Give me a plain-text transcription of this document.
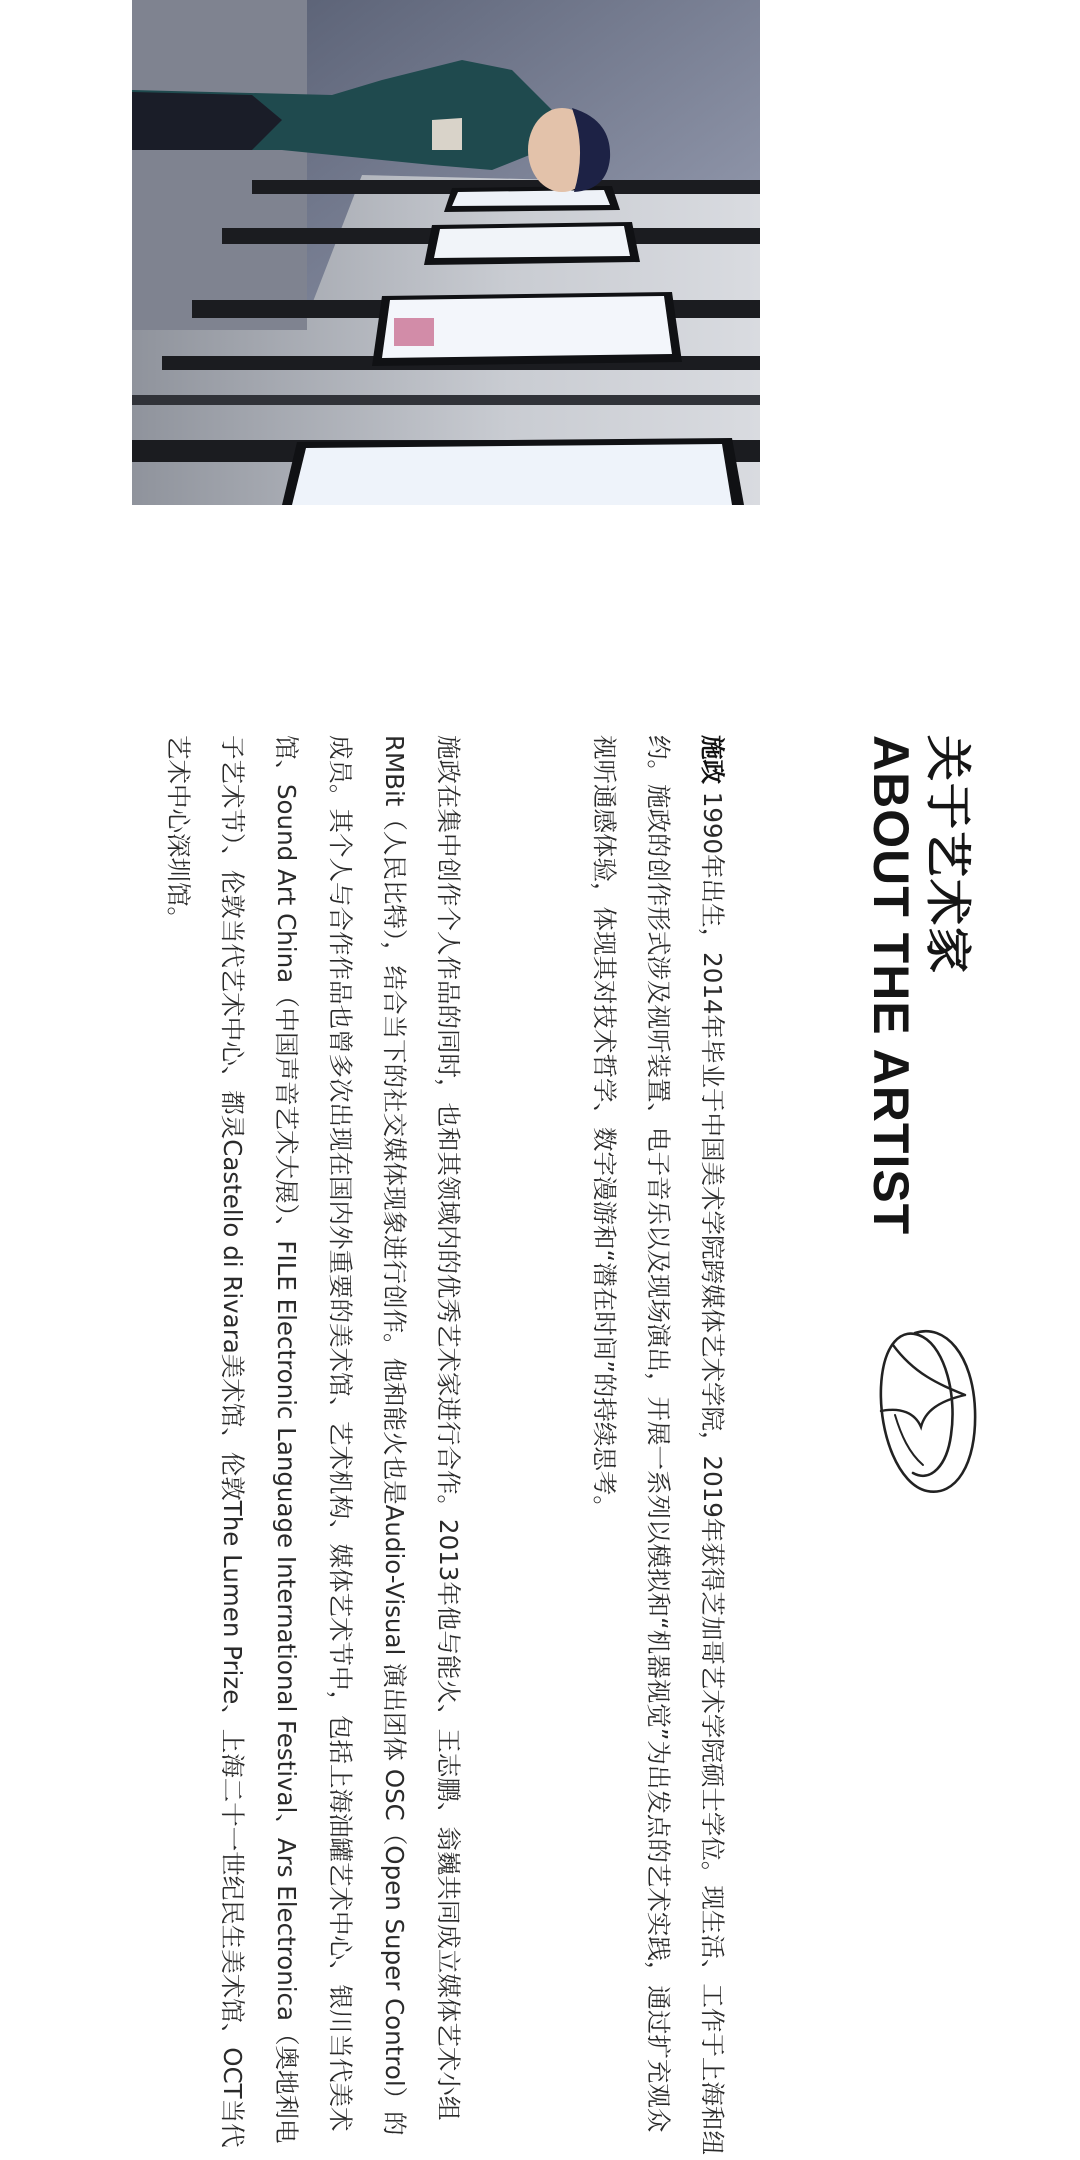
关于艺术家
ABOUT THE ARTIST
施政 1990年出生，2014年毕业于中国美术学院跨媒体艺术学院，2019年获得芝加哥艺术学院硕士学位。现生活、工作于上海和纽约。施政的创作形式涉及视听装置、电子音乐以及现场演出，开展一系列以模拟和“机器视觉”为出发点的艺术实践，通过扩充观众视听通感体验，体现其对技术哲学、数字漫游和“潜在时间”的持续思考。
施政在集中创作个人作品的同时，也和其领域内的优秀艺术家进行合作。2013年他与能火、王志鹏、翁巍共同成立媒体艺术小组 RMBit（人民比特），结合当下的社交媒体现象进行创作。他和能火也是Audio-Visual 演出团体 OSC（Open Super Control）的成员。其个人与合作作品也曾多次出现在国内外重要的美术馆、艺术机构、媒体艺术节中，包括上海油罐艺术中心、银川当代美术馆、Sound Art China（中国声音艺术大展）、FILE Electronic Language International Festival、Ars Electronica（奥地利电子艺术节）、伦敦当代艺术中心、都灵Castello di Rivara美术馆、伦敦The Lumen Prize、上海二十一世纪民生美术馆、OCT当代艺术中心深圳馆。
